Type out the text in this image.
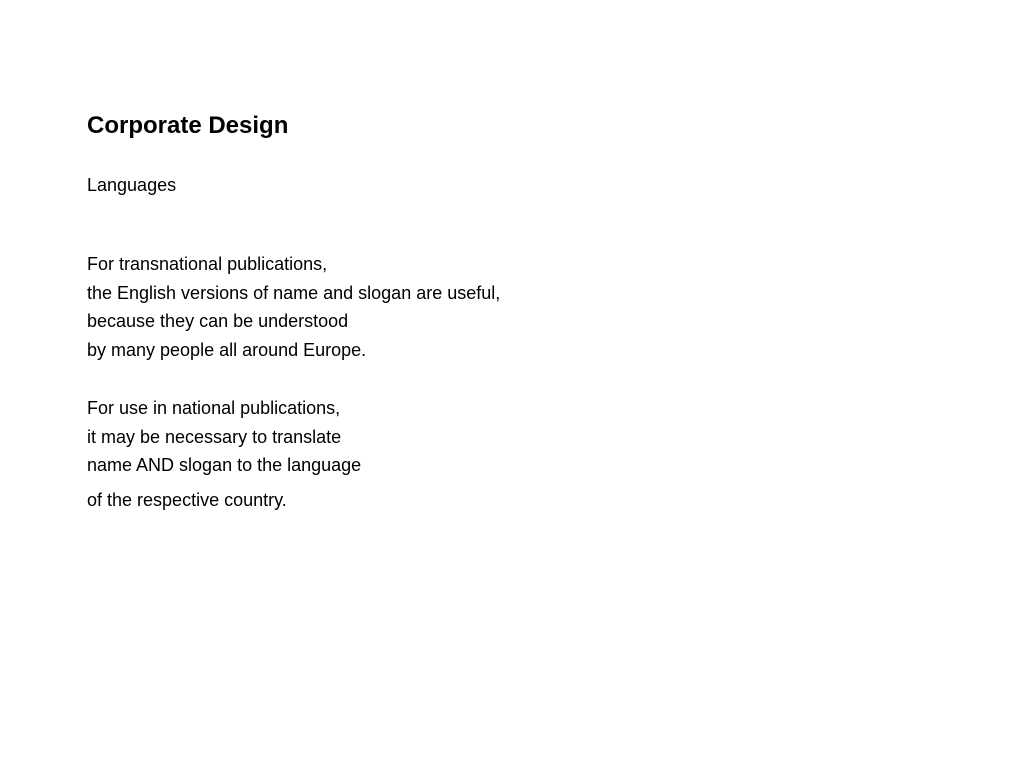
Corporate Design
Languages

For transnational publications,
the English versions of name and slogan are useful,
because they can be understood
by many people all around Europe.

For use in national publications,
it may be necessary to translate
name AND slogan to the language
of the respective country.
